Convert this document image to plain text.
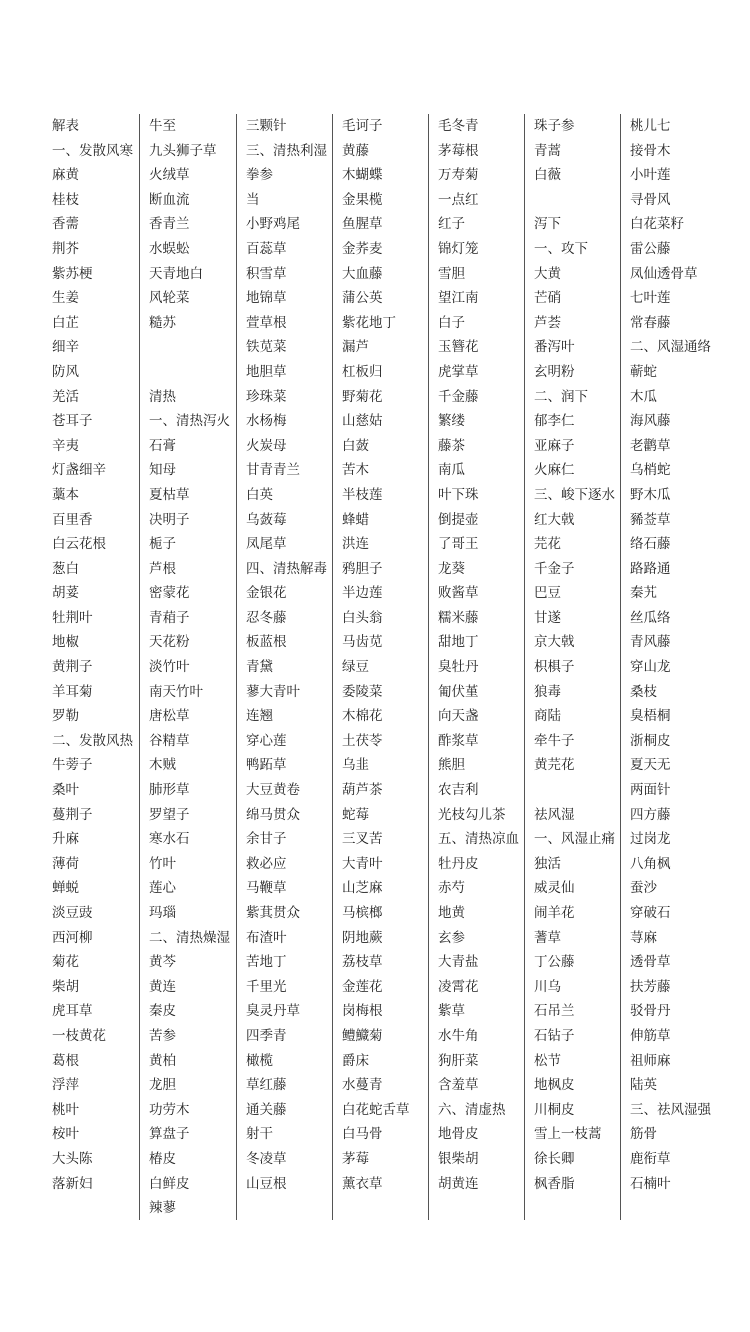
解表
一、发散风寒
麻黄
桂枝
香薷
荆芥
紫苏梗
生姜
白芷
细辛
防风
羌活
苍耳子
辛夷
灯盏细辛
藁本
百里香
白云花根
葱白
胡荽
牡荆叶
地椒
黄荆子
羊耳菊
罗勒
二、发散风热
牛蒡子
桑叶
蔓荆子
升麻
薄荷
蝉蜕
淡豆豉
西河柳
菊花
柴胡
虎耳草
一枝黄花
葛根
浮萍
桃叶
桉叶
大头陈
落新妇
牛至
九头狮子草
火绒草
断血流
香青兰
水蜈蚣
天青地白
风轮菜
糙苏
清热
一、清热泻火
石膏
知母
夏枯草
决明子
栀子
芦根
密蒙花
青葙子
天花粉
淡竹叶
南天竹叶
唐松草
谷精草
木贼
肺形草
罗望子
寒水石
竹叶
莲心
玛瑙
二、清热燥湿
黄芩
黄连
秦皮
苦参
黄柏
龙胆
功劳木
算盘子
椿皮
白鲜皮
辣蓼
三颗针
三、清热利湿
拳参
当
小野鸡尾
百蕊草
积雪草
地锦草
萱草根
铁苋菜
地胆草
珍珠菜
水杨梅
火炭母
甘青青兰
白英
乌蔹莓
凤尾草
四、清热解毒
金银花
忍冬藤
板蓝根
青黛
蓼大青叶
连翘
穿心莲
鸭跖草
大豆黄卷
绵马贯众
余甘子
救必应
马鞭草
紫萁贯众
布渣叶
苦地丁
千里光
臭灵丹草
四季青
橄榄
草红藤
通关藤
射干
冬凌草
山豆根
毛诃子
黄藤
木蝴蝶
金果榄
鱼腥草
金荞麦
大血藤
蒲公英
紫花地丁
漏芦
杠板归
野菊花
山慈姑
白蔹
苦木
半枝莲
蜂蜡
洪连
鸦胆子
半边莲
白头翁
马齿苋
绿豆
委陵菜
木棉花
土茯苓
乌韭
葫芦茶
蛇莓
三叉苦
大青叶
山芝麻
马槟榔
阴地蕨
荔枝草
金莲花
岗梅根
鳢鱵菊
爵床
水蔓青
白花蛇舌草
白马骨
茅莓
薰衣草
毛冬青
茅莓根
万寿菊
一点红
红子
锦灯笼
雪胆
望江南
白子
玉簪花
虎掌草
千金藤
繁缕
藤茶
南瓜
叶下珠
倒提壶
了哥王
龙葵
败酱草
糯米藤
甜地丁
臭牡丹
匍伏堇
向天盏
酢浆草
熊胆
农吉利
光枝勾儿茶
五、清热凉血
牡丹皮
赤芍
地黄
玄参
大青盐
凌霄花
紫草
水牛角
狗肝菜
含羞草
六、清虚热
地骨皮
银柴胡
胡黄连
珠子参
青蒿
白薇
泻下
一、攻下
大黄
芒硝
芦荟
番泻叶
玄明粉
二、润下
郁李仁
亚麻子
火麻仁
三、峻下逐水
红大戟
芫花
千金子
巴豆
甘遂
京大戟
枳椇子
狼毒
商陆
牵牛子
黄芫花
祛风湿
一、风湿止痛
独活
威灵仙
闹羊花
蓍草
丁公藤
川乌
石吊兰
石钻子
松节
地枫皮
川桐皮
雪上一枝蒿
徐长卿
枫香脂
桃儿七
接骨木
小叶莲
寻骨风
白花菜籽
雷公藤
凤仙透骨草
七叶莲
常春藤
二、风湿通络
蕲蛇
木瓜
海风藤
老鹳草
乌梢蛇
野木瓜
豨莶草
络石藤
路路通
秦艽
丝瓜络
青风藤
穿山龙
桑枝
臭梧桐
浙桐皮
夏天无
两面针
四方藤
过岗龙
八角枫
蚕沙
穿破石
荨麻
透骨草
扶芳藤
驳骨丹
伸筋草
祖师麻
陆英
三、祛风湿强
筋骨
鹿衔草
石楠叶
